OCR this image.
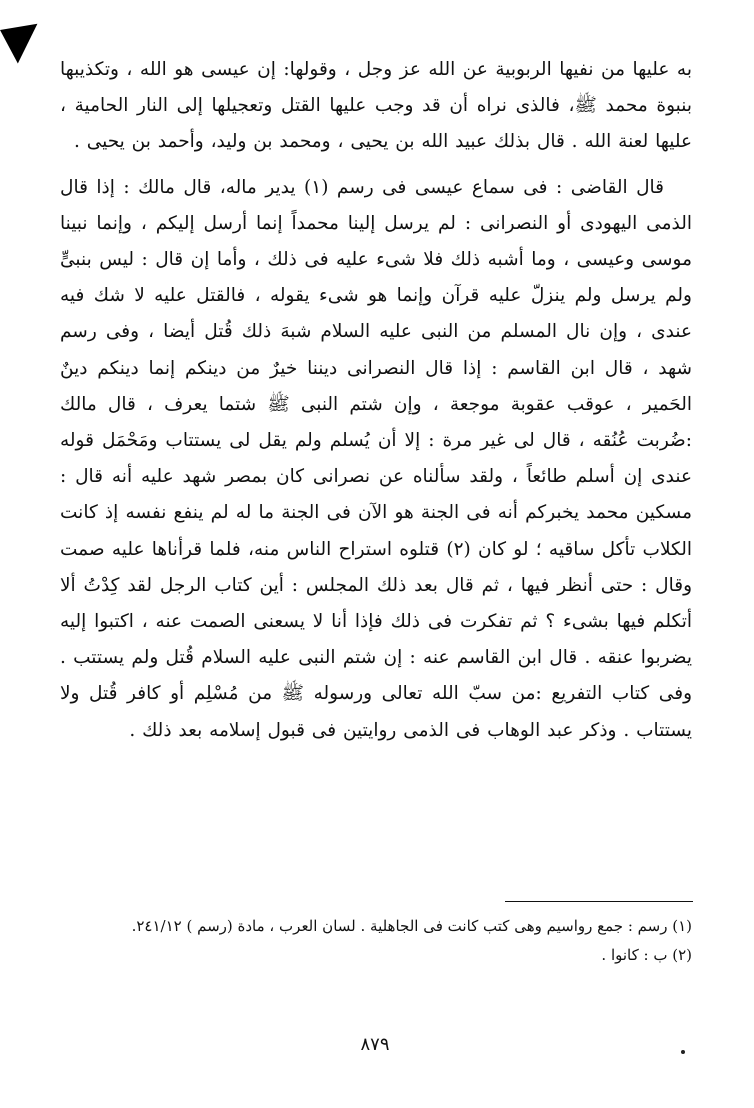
به عليها من نفيها الربوبية عن الله عز وجل ، وقولها: إن عيسى هو الله ، وتكذيبها بنبوة محمد ﷺ، فالذى نراه أن قد وجب عليها القتل وتعجيلها إلى النار الحامية ، عليها لعنة الله . قال بذلك عبيد الله بن يحيى ، ومحمد بن وليد، وأحمد بن يحيى .

قال القاضى : فى سماع عيسى فى رسم (١) يدير ماله، قال مالك : إذا قال الذمى اليهودى أو النصرانى : لم يرسل إلينا محمداً إنما أرسل إليكم ، وإنما نبينا موسى وعيسى ، وما أشبه ذلك فلا شىء عليه فى ذلك ، وأما إن قال : ليس بنبىٍّ ولم يرسل ولم ينزلّ عليه قرآن وإنما هو شىء يقوله ، فالقتل عليه لا شك فيه عندى ، وإن نال المسلم من النبى عليه السلام شبهَ ذلك قُتل أيضا ، وفى رسم شهد ، قال ابن القاسم : إذا قال النصرانى ديننا خيرٌ من دينكم إنما دينكم دينٌ الحَمير ، عوقب عقوبة موجعة ، وإن شتم النبى ﷺ شتما يعرف ، قال مالك :ضُربت عُنُقه ، قال لى غير مرة : إلا أن يُسلم ولم يقل لى يستتاب ومَحْمَل قوله عندى إن أسلم طائعاً ، ولقد سألناه عن نصرانى كان بمصر شهد عليه أنه قال : مسكين محمد يخبركم أنه فى الجنة هو الآن فى الجنة ما له لم ينفع نفسه إذ كانت الكلاب تأكل ساقيه ؛ لو كان (٢) قتلوه استراح الناس منه، فلما قرأناها عليه صمت وقال : حتى أنظر فيها ، ثم قال بعد ذلك المجلس : أين كتاب الرجل لقد كِدْتُ ألا أتكلم فيها بشىء ؟ ثم تفكرت فى ذلك فإذا أنا لا يسعنى الصمت عنه ، اكتبوا إليه يضربوا عنقه . قال ابن القاسم عنه : إن شتم النبى عليه السلام قُتل ولم يستتب . وفى كتاب التفريع :من سبّ الله تعالى ورسوله ﷺ من مُسْلِم أو كافر قُتل ولا يستتاب . وذكر عبد الوهاب فى الذمى روايتين فى قبول إسلامه بعد ذلك .

(١) رسم : جمع رواسيم وهى كتب كانت فى الجاهلية . لسان العرب ، مادة (رسم ) ٢٤١/١٢.

(٢) ب : كانوا .

٨٧٩
